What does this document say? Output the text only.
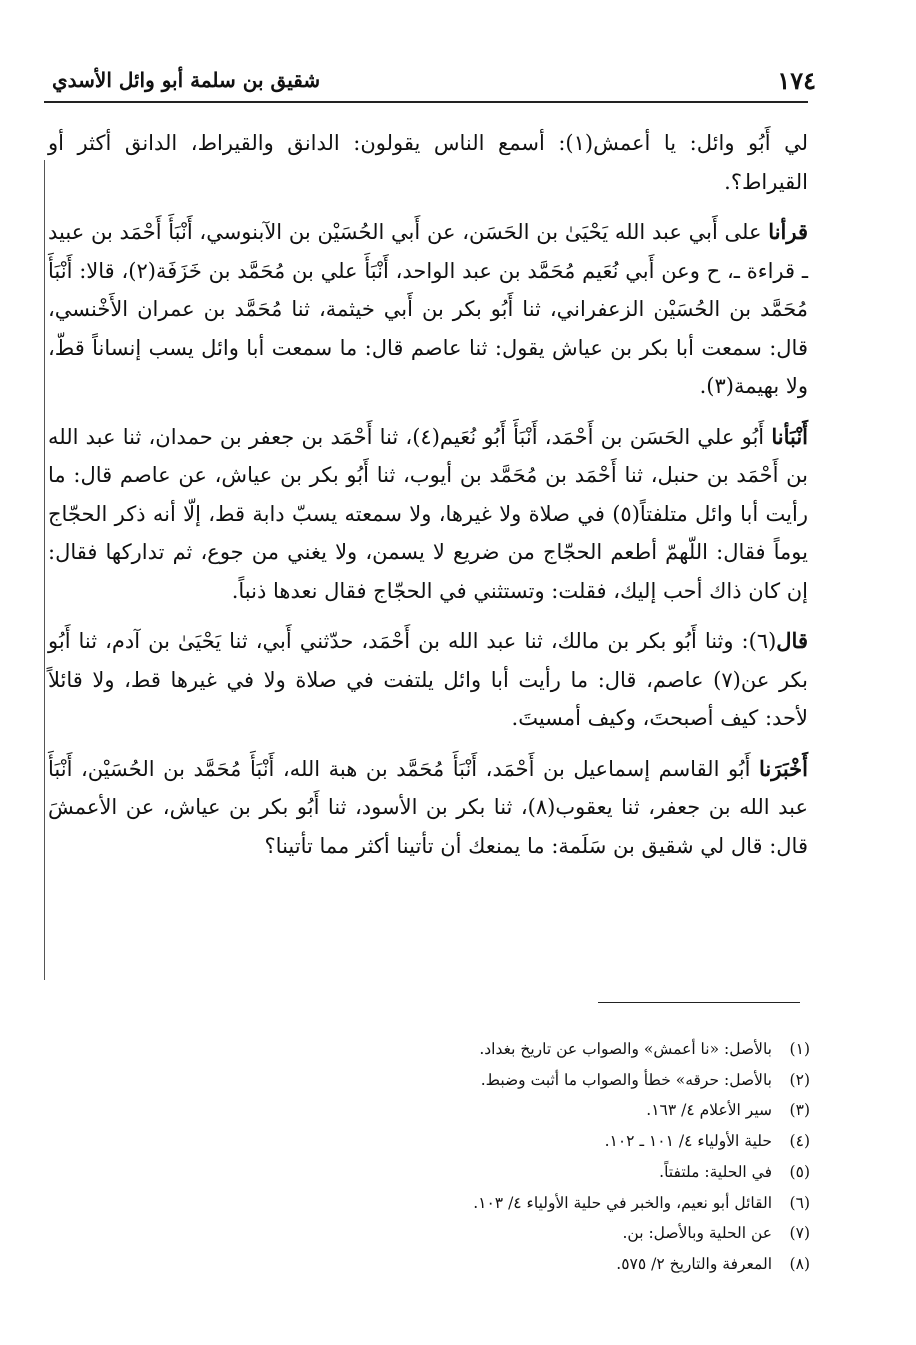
١٧٤
شقيق بن سلمة أبو وائل الأسدي

لي أَبُو وائل: يا أعمش(١): أسمع الناس يقولون: الدانق والقيراط، الدانق أكثر أو القيراط؟.

قرأنا على أَبي عبد الله يَحْيَىٰ بن الحَسَن، عن أَبي الحُسَيْن بن الآبنوسي، أَنْبَأَ أَحْمَد بن عبيد ـ قراءة ـ، ح وعن أَبي نُعَيم مُحَمَّد بن عبد الواحد، أَنْبَأَ علي بن مُحَمَّد بن خَزَفَة(٢)، قالا: أَنْبَأَ مُحَمَّد بن الحُسَيْن الزعفراني، ثنا أَبُو بكر بن أَبي خيثمة، ثنا مُحَمَّد بن عمران الأَخْنسي، قال: سمعت أبا بكر بن عياش يقول: ثنا عاصم قال: ما سمعت أبا وائل يسب إنساناً قطّ، ولا بهيمة(٣).

أَنْبَأنا أَبُو علي الحَسَن بن أَحْمَد، أَنْبَأَ أَبُو نُعَيم(٤)، ثنا أَحْمَد بن جعفر بن حمدان، ثنا عبد الله بن أَحْمَد بن حنبل، ثنا أَحْمَد بن مُحَمَّد بن أيوب، ثنا أَبُو بكر بن عياش، عن عاصم قال: ما رأيت أبا وائل متلفتاً(٥) في صلاة ولا غيرها، ولا سمعته يسبّ دابة قط، إلّا أنه ذكر الحجّاج يوماً فقال: اللّهمّ أطعم الحجّاج من ضريع لا يسمن، ولا يغني من جوع، ثم تداركها فقال: إن كان ذاك أحب إليك، فقلت: وتستثني في الحجّاج فقال نعدها ذنباً.

قال(٦): وثنا أَبُو بكر بن مالك، ثنا عبد الله بن أَحْمَد، حدّثني أَبي، ثنا يَحْيَىٰ بن آدم، ثنا أَبُو بكر عن(٧) عاصم، قال: ما رأيت أبا وائل يلتفت في صلاة ولا في غيرها قط، ولا قائلاً لأحد: كيف أصبحتَ، وكيف أمسيتَ.

أَخْبَرَنا أَبُو القاسم إسماعيل بن أَحْمَد، أَنْبَأَ مُحَمَّد بن هبة الله، أَنْبَأَ مُحَمَّد بن الحُسَيْن، أَنْبَأَ عبد الله بن جعفر، ثنا يعقوب(٨)، ثنا بكر بن الأسود، ثنا أَبُو بكر بن عياش، عن الأعمشَ قال: قال لي شقيق بن سَلَمة: ما يمنعك أن تأتينا أكثر مما تأتينا؟

(١)
بالأصل: «نا أعمش» والصواب عن تاريخ بغداد.
(٢)
بالأصل: حرقه» خطأ والصواب ما أثبت وضبط.
(٣)
سير الأعلام ٤/ ١٦٣.
(٤)
حلية الأولياء ٤/ ١٠١ ـ ١٠٢.
(٥)
في الحلية: ملتفتاً.
(٦)
القائل أبو نعيم، والخبر في حلية الأولياء ٤/ ١٠٣.
(٧)
عن الحلية وبالأصل: بن.
(٨)
المعرفة والتاريخ ٢/ ٥٧٥.
